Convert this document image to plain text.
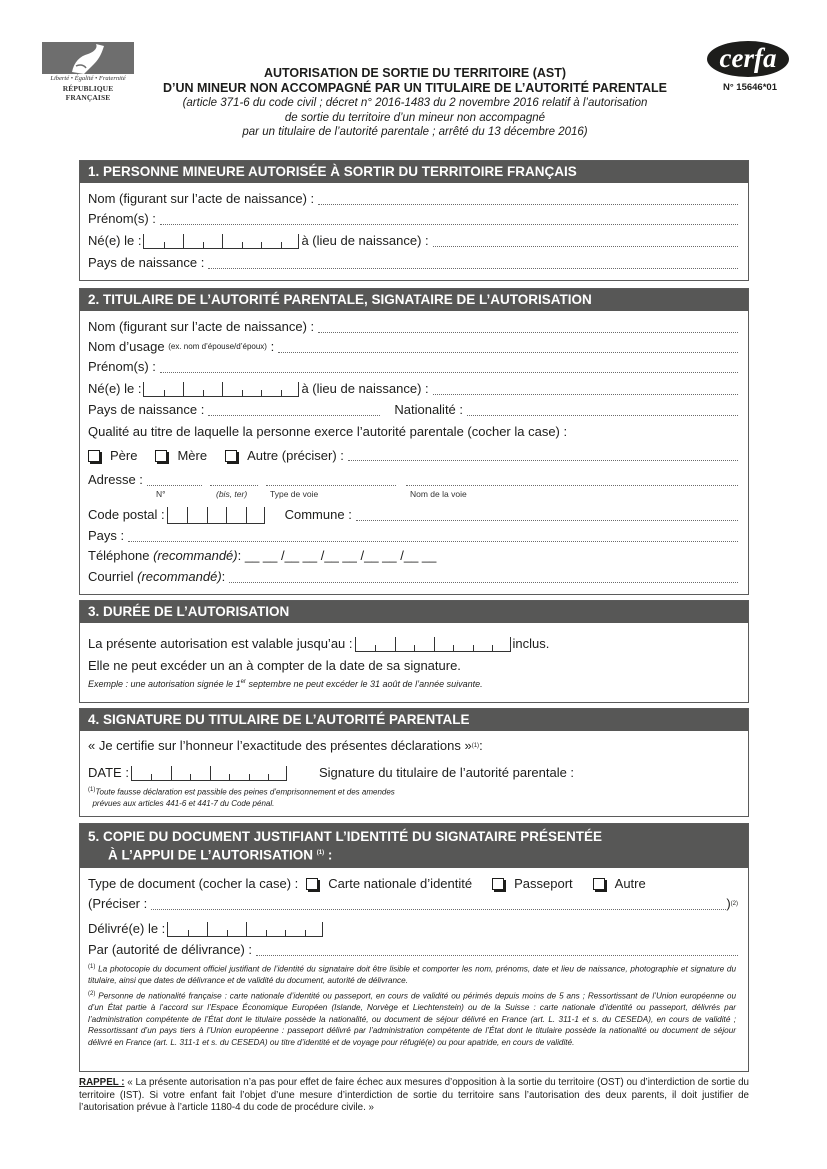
Liberté • Égalité • Fraternité
RÉPUBLIQUE FRANÇAISE
AUTORISATION DE SORTIE DU TERRITOIRE (AST)
D’UN MINEUR NON ACCOMPAGNÉ PAR UN TITULAIRE DE L’AUTORITÉ PARENTALE
(article 371-6 du code civil ; décret n° 2016-1483 du 2 novembre 2016 relatif à l’autorisation
de sortie du territoire d’un mineur non accompagné
par un titulaire de l’autorité parentale ; arrêté du 13 décembre 2016)
cerfa
N° 15646*01
1. PERSONNE MINEURE AUTORISÉE À SORTIR DU TERRITOIRE FRANÇAIS
Nom (figurant sur l’acte de naissance) :
Prénom(s) :
Né(e) le :	à (lieu de naissance) :
Pays de naissance :
2. TITULAIRE DE L’AUTORITÉ PARENTALE, SIGNATAIRE DE L’AUTORISATION
Nom (figurant sur l’acte de naissance) :
Nom d’usage
(ex. nom d’épouse/d’époux)
:
Prénom(s) :
Né(e) le :	à (lieu de naissance) :
Pays de naissance :	Nationalité :
Qualité au titre de laquelle la personne exerce l’autorité parentale (cocher la case) :
Père	Mère	Autre (préciser) :
Adresse :
N°	(bis, ter)	Type de voie	Nom de la voie
Code postal :	Commune :
Pays :
Téléphone
(recommandé) : __ __ /__ __ /__ __ /__ __ /__ __
Courriel
(recommandé) :
3. DURÉE DE L’AUTORISATION
La présente autorisation est valable jusqu’au :	inclus.
Elle ne peut excéder un an à compter de la date de sa signature.
Exemple : une autorisation signée le 1er septembre ne peut excéder le 31 août de l’année suivante.
4. SIGNATURE DU TITULAIRE DE L’AUTORITÉ PARENTALE
« Je certifie sur l’honneur l’exactitude des présentes déclarations » (1) :
DATE :	Signature du titulaire de l’autorité parentale :
$^{(1)}$Toute fausse déclaration est passible des peines d’emprisonnement et des amendes
prévues aux articles 441-6 et 441-7 du Code pénal.
5. COPIE DU DOCUMENT JUSTIFIANT L’IDENTITÉ DU SIGNATAIRE PRÉSENTÉE
À L’APPUI DE L’AUTORISATION $^{(1)}$ :
Type de document (cocher la case) : Carte nationale d’identité	Passeport	Autre
(Préciser :	) (2)
Délivré(e) le :
Par (autorité de délivrance) :
$^{(1)}$ La photocopie du document officiel justifiant de l’identité du signataire doit être lisible et comporter les nom, prénoms, date et lieu de naissance, photographie et signature du titulaire, ainsi que dates de délivrance et de validité du document, autorité de délivrance.
$^{(2)}$ Personne de nationalité française : carte nationale d’identité ou passeport, en cours de validité ou périmés depuis moins de 5 ans ; Ressortissant de l’Union européenne ou d’un État partie à l’accord sur l’Espace Économique Européen (Islande, Norvège et Liechtenstein) ou de la Suisse : carte nationale d’identité ou passeport, délivrés par l’administration compétente de l’État dont le titulaire possède la nationalité, ou document de séjour délivré en France (art. L. 311-1 et s. du CESEDA), en cours de validité ; Ressortissant d’un pays tiers à l’Union européenne : passeport délivré par l’administration compétente de l’État dont le titulaire possède la nationalité ou document de séjour délivré en France (art. L. 311-1 et s. du CESEDA) ou titre d’identité et de voyage pour réfugié(e) ou pour apatride, en cours de validité.
RAPPEL : « La présente autorisation n’a pas pour effet de faire échec aux mesures d’opposition à la sortie du territoire (OST) ou d’interdiction de sortie du territoire (IST). Si votre enfant fait l’objet d’une mesure d’interdiction de sortie du territoire sans l’autorisation des deux parents, il doit justifier de l’autorisation prévue à l’article 1180-4 du code de procédure civile. »
